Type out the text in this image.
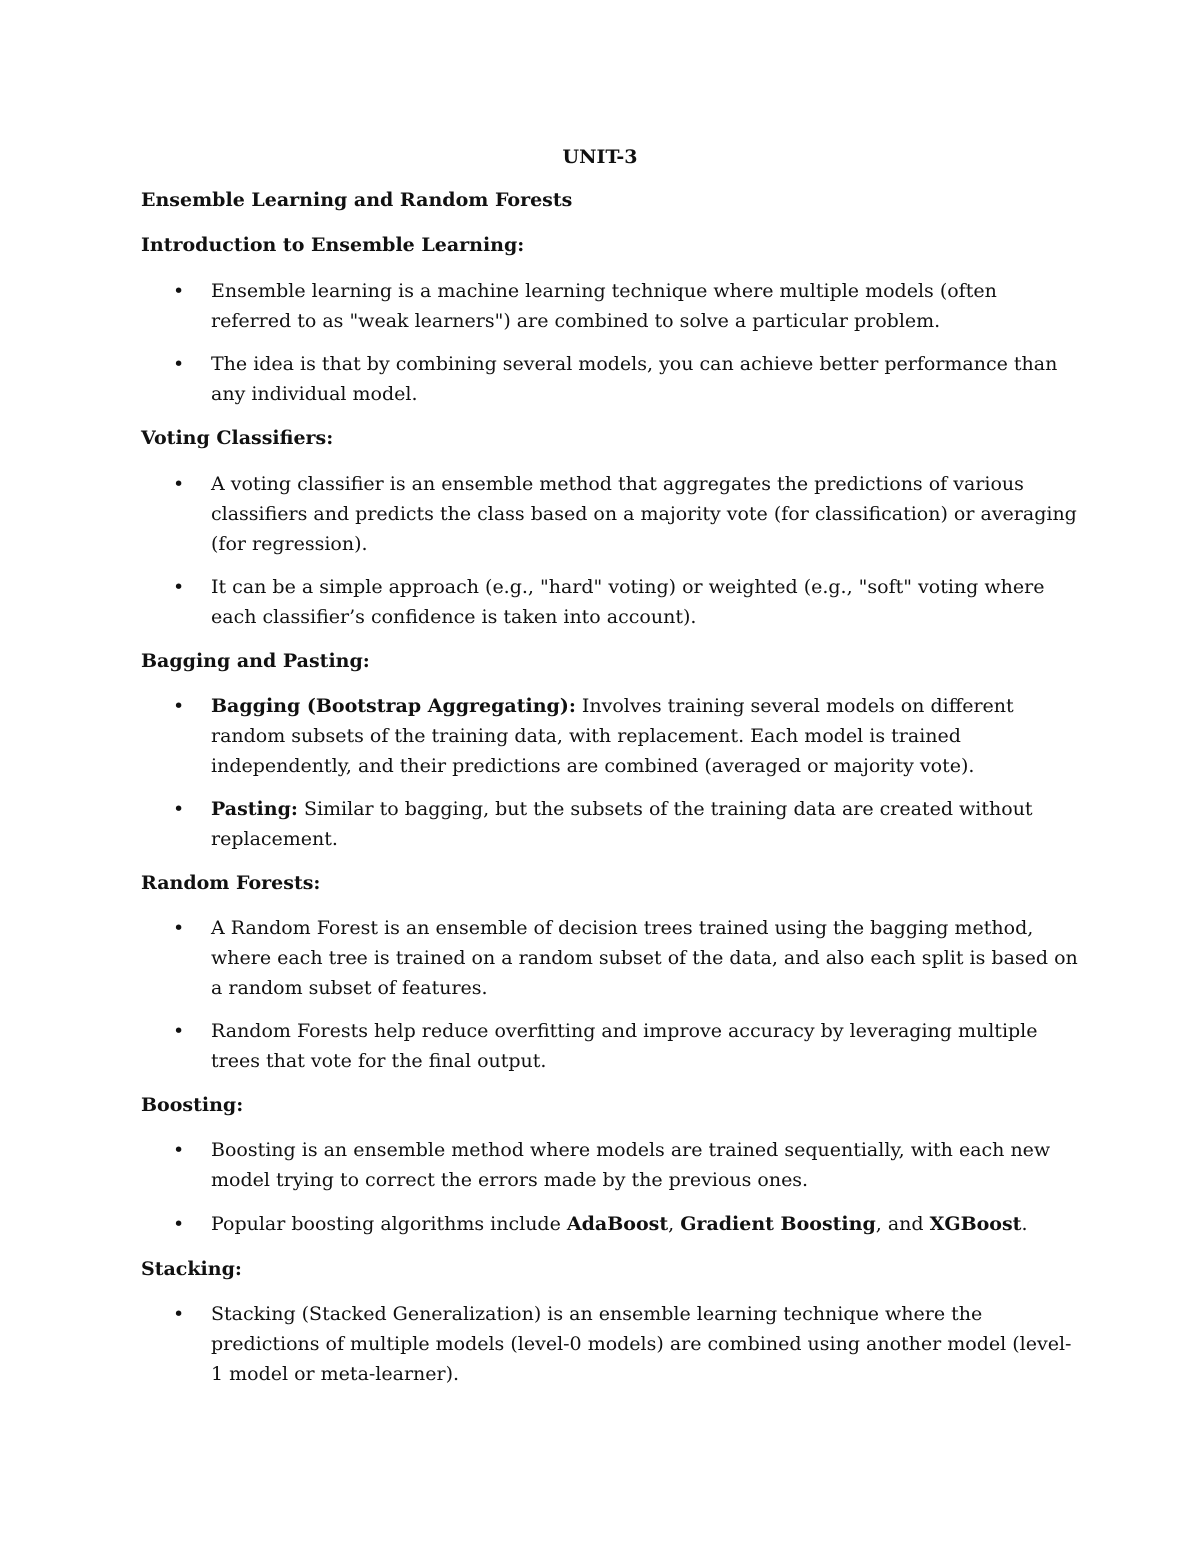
UNIT-3
Ensemble Learning and Random Forests
Introduction to Ensemble Learning:
• Ensemble learning is a machine learning technique where multiple models (often referred to as "weak learners") are combined to solve a particular problem.
• The idea is that by combining several models, you can achieve better performance than any individual model.
Voting Classifiers:
• A voting classifier is an ensemble method that aggregates the predictions of various classifiers and predicts the class based on a majority vote (for classification) or averaging (for regression).
• It can be a simple approach (e.g., "hard" voting) or weighted (e.g., "soft" voting where each classifier’s confidence is taken into account).
Bagging and Pasting:
• Bagging (Bootstrap Aggregating): Involves training several models on different random subsets of the training data, with replacement. Each model is trained independently, and their predictions are combined (averaged or majority vote).
• Pasting: Similar to bagging, but the subsets of the training data are created without replacement.
Random Forests:
• A Random Forest is an ensemble of decision trees trained using the bagging method, where each tree is trained on a random subset of the data, and also each split is based on a random subset of features.
• Random Forests help reduce overfitting and improve accuracy by leveraging multiple trees that vote for the final output.
Boosting:
• Boosting is an ensemble method where models are trained sequentially, with each new model trying to correct the errors made by the previous ones.
• Popular boosting algorithms include AdaBoost, Gradient Boosting, and XGBoost.
Stacking:
• Stacking (Stacked Generalization) is an ensemble learning technique where the predictions of multiple models (level-0 models) are combined using another model (level-1 model or meta-learner).
